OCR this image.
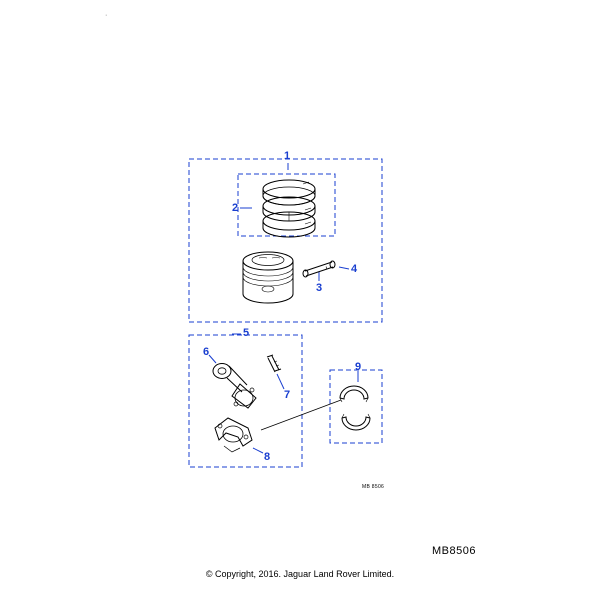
1
2
3
4
5
6
7
8
9
MB 8506
MB8506
© Copyright, 2016. Jaguar Land Rover Limited.
·
